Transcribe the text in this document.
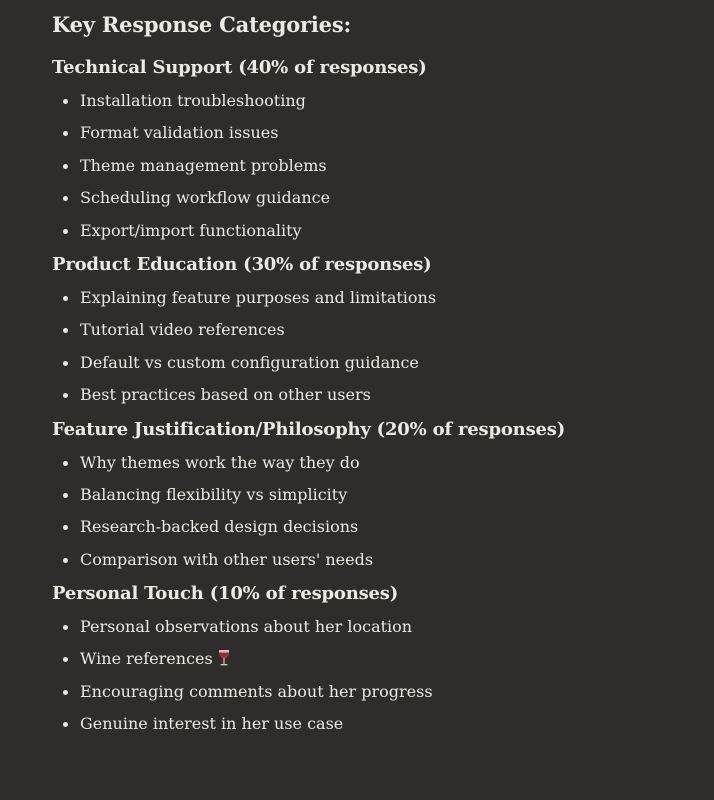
Key Response Categories:
Technical Support (40% of responses)
Installation troubleshooting
Format validation issues
Theme management problems
Scheduling workflow guidance
Export/import functionality
Product Education (30% of responses)
Explaining feature purposes and limitations
Tutorial video references
Default vs custom configuration guidance
Best practices based on other users
Feature Justification/Philosophy (20% of responses)
Why themes work the way they do
Balancing flexibility vs simplicity
Research-backed design decisions
Comparison with other users' needs
Personal Touch (10% of responses)
Personal observations about her location
Wine references
Encouraging comments about her progress
Genuine interest in her use case
